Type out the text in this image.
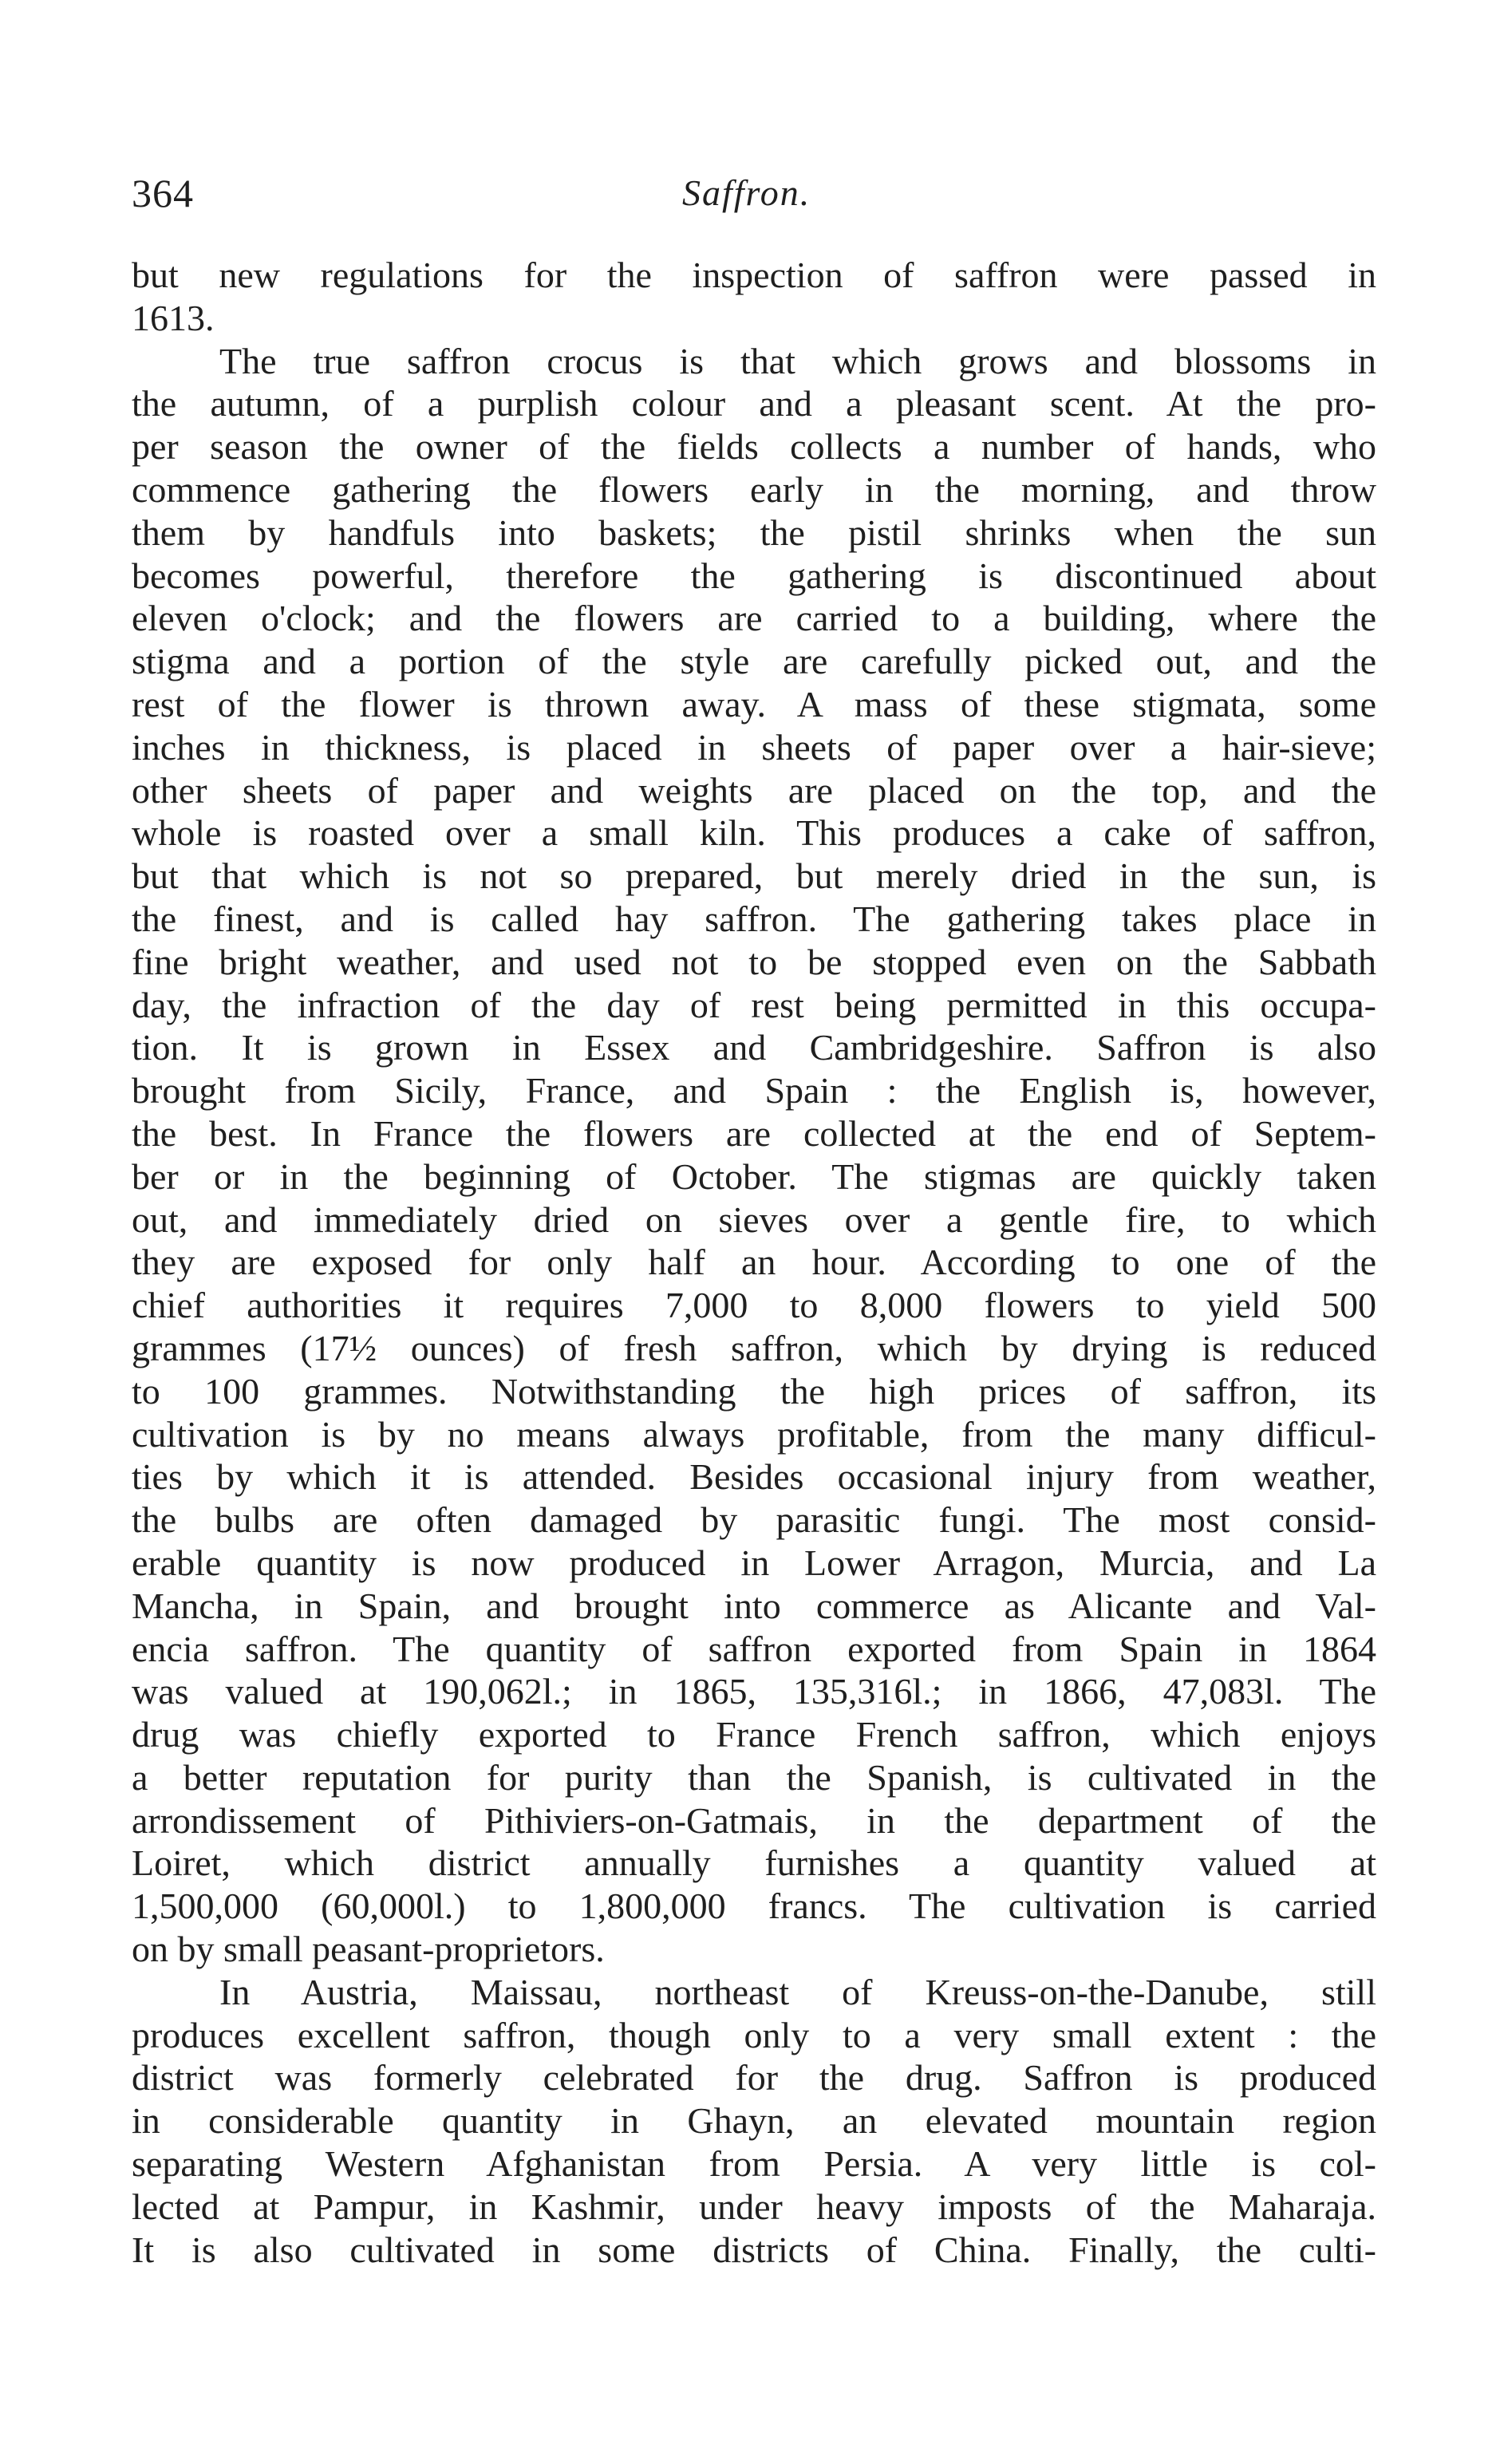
364	Saffron.
but new regulations for the inspection of saffron were passed in
1613.
The true saffron crocus is that which grows and blossoms in
the autumn, of a purplish colour and a pleasant scent. At the pro-
per season the owner of the fields collects a number of hands, who
commence gathering the flowers early in the morning, and throw
them by handfuls into baskets; the pistil shrinks when the sun
becomes powerful, therefore the gathering is discontinued about
eleven o'clock; and the flowers are carried to a building, where the
stigma and a portion of the style are carefully picked out, and the
rest of the flower is thrown away. A mass of these stigmata, some
inches in thickness, is placed in sheets of paper over a hair-sieve;
other sheets of paper and weights are placed on the top, and the
whole is roasted over a small kiln. This produces a cake of saffron,
but that which is not so prepared, but merely dried in the sun, is
the finest, and is called hay saffron. The gathering takes place in
fine bright weather, and used not to be stopped even on the Sabbath
day, the infraction of the day of rest being permitted in this occupa-
tion. It is grown in Essex and Cambridgeshire. Saffron is also
brought from Sicily, France, and Spain : the English is, however,
the best. In France the flowers are collected at the end of Septem-
ber or in the beginning of October. The stigmas are quickly taken
out, and immediately dried on sieves over a gentle fire, to which
they are exposed for only half an hour. According to one of the
chief authorities it requires 7,000 to 8,000 flowers to yield 500
grammes (17½ ounces) of fresh saffron, which by drying is reduced
to 100 grammes. Notwithstanding the high prices of saffron, its
cultivation is by no means always profitable, from the many difficul-
ties by which it is attended. Besides occasional injury from weather,
the bulbs are often damaged by parasitic fungi. The most consid-
erable quantity is now produced in Lower Arragon, Murcia, and La
Mancha, in Spain, and brought into commerce as Alicante and Val-
encia saffron. The quantity of saffron exported from Spain in 1864
was valued at 190,062l.; in 1865, 135,316l.; in 1866, 47,083l. The
drug was chiefly exported to France French saffron, which enjoys
a better reputation for purity than the Spanish, is cultivated in the
arrondissement of Pithiviers-on-Gatmais, in the department of the
Loiret, which district annually furnishes a quantity valued at
1,500,000 (60,000l.) to 1,800,000 francs. The cultivation is carried
on by small peasant-proprietors.
In Austria, Maissau, northeast of Kreuss-on-the-Danube, still
produces excellent saffron, though only to a very small extent : the
district was formerly celebrated for the drug. Saffron is produced
in considerable quantity in Ghayn, an elevated mountain region
separating Western Afghanistan from Persia. A very little is col-
lected at Pampur, in Kashmir, under heavy imposts of the Maharaja.
It is also cultivated in some districts of China. Finally, the culti-
